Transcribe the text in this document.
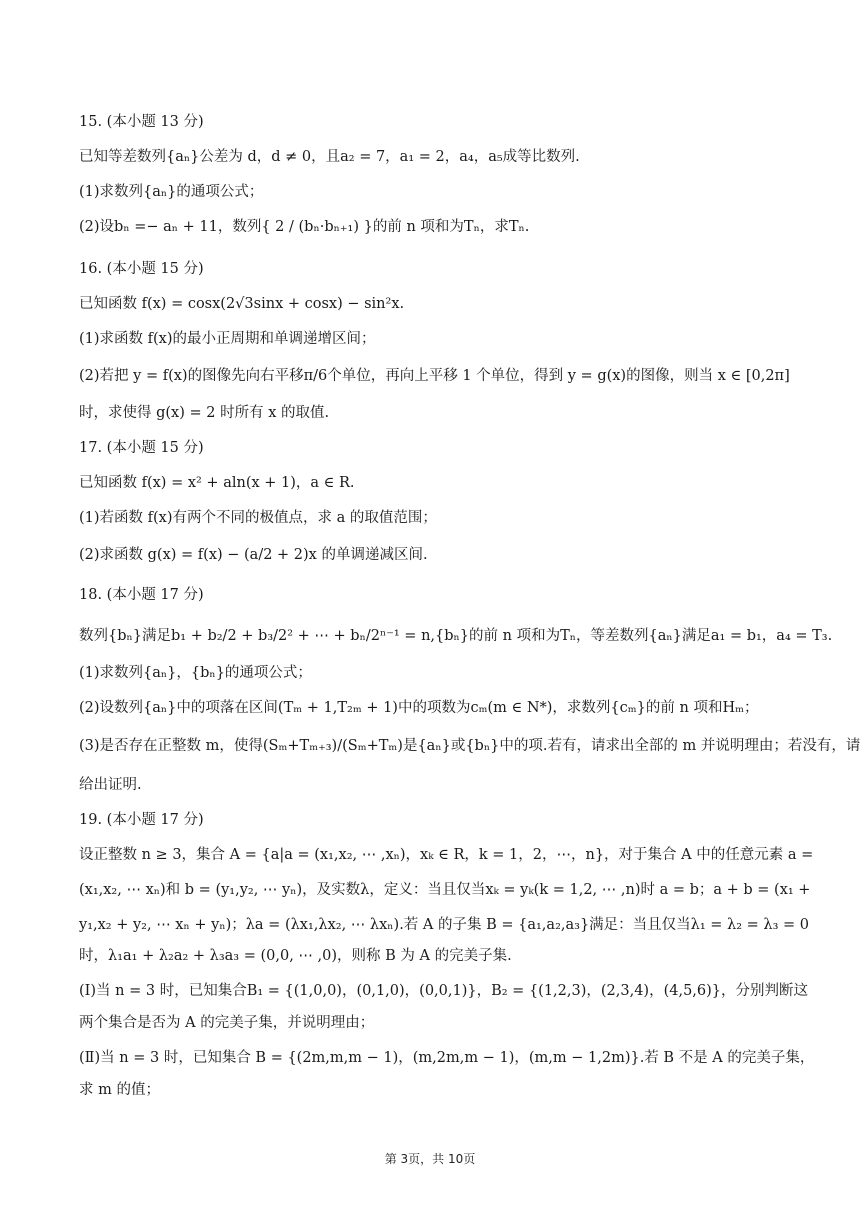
15. (本小题 13 分)
已知等差数列{aₙ}公差为 d，d ≠ 0，且a₂ = 7，a₁ = 2，a₄，a₅成等比数列.
(1)求数列{aₙ}的通项公式；
(2)设bₙ =− aₙ + 11，数列{ 2 / (bₙ·bₙ₊₁) }的前 n 项和为Tₙ，求Tₙ.
16. (本小题 15 分)
已知函数 f(x) = cosx(2√3sinx + cosx) − sin²x.
(1)求函数 f(x)的最小正周期和单调递增区间；
(2)若把 y = f(x)的图像先向右平移π/6个单位，再向上平移 1 个单位，得到 y = g(x)的图像，则当 x ∈ [0,2π]
时，求使得 g(x) = 2 时所有 x 的取值.
17. (本小题 15 分)
已知函数 f(x) = x² + aln(x + 1)，a ∈ R.
(1)若函数 f(x)有两个不同的极值点，求 a 的取值范围；
(2)求函数 g(x) = f(x) − (a/2 + 2)x 的单调递减区间.
18. (本小题 17 分)
数列{bₙ}满足b₁ + b₂/2 + b₃/2² + ⋯ + bₙ/2ⁿ⁻¹ = n,{bₙ}的前 n 项和为Tₙ，等差数列{aₙ}满足a₁ = b₁，a₄ = T₃.
(1)求数列{aₙ}，{bₙ}的通项公式；
(2)设数列{aₙ}中的项落在区间(Tₘ + 1,T₂ₘ + 1)中的项数为cₘ(m ∈ N*)，求数列{cₘ}的前 n 项和Hₘ；
(3)是否存在正整数 m，使得(Sₘ+Tₘ₊₃)/(Sₘ+Tₘ)是{aₙ}或{bₙ}中的项.若有，请求出全部的 m 并说明理由；若没有，请
给出证明.
19. (本小题 17 分)
设正整数 n ≥ 3，集合 A = {a|a = (x₁,x₂, ⋯ ,xₙ)，xₖ ∈ R，k = 1，2，⋯，n}，对于集合 A 中的任意元素 a =
(x₁,x₂, ⋯ xₙ)和 b = (y₁,y₂, ⋯ yₙ)，及实数λ，定义：当且仅当xₖ = yₖ(k = 1,2, ⋯ ,n)时 a = b；a + b = (x₁ +
y₁,x₂ + y₂, ⋯ xₙ + yₙ)；λa = (λx₁,λx₂, ⋯ λxₙ).若 A 的子集 B = {a₁,a₂,a₃}满足：当且仅当λ₁ = λ₂ = λ₃ = 0
时，λ₁a₁ + λ₂a₂ + λ₃a₃ = (0,0, ⋯ ,0)，则称 B 为 A 的完美子集.
(Ⅰ)当 n = 3 时，已知集合B₁ = {(1,0,0)，(0,1,0)，(0,0,1)}，B₂ = {(1,2,3)，(2,3,4)，(4,5,6)}，分别判断这
两个集合是否为 A 的完美子集，并说明理由；
(Ⅱ)当 n = 3 时，已知集合 B = {(2m,m,m − 1)，(m,2m,m − 1)，(m,m − 1,2m)}.若 B 不是 A 的完美子集，
求 m 的值；
第 3页，共 10页
